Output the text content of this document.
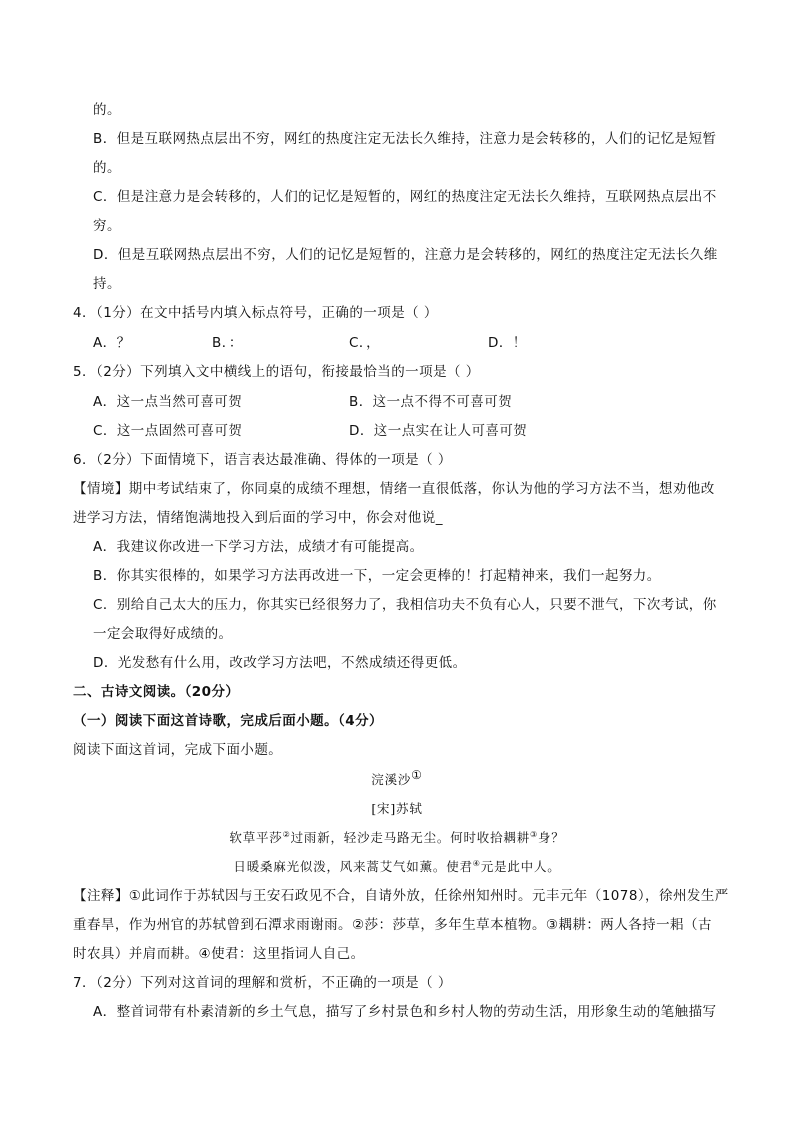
的。
B．但是互联网热点层出不穷，网红的热度注定无法长久维持，注意力是会转移的，人们的记忆是短暂
的。
C．但是注意力是会转移的，人们的记忆是短暂的，网红的热度注定无法长久维持，互联网热点层出不
穷。
D．但是互联网热点层出不穷，人们的记忆是短暂的，注意力是会转移的，网红的热度注定无法长久维
持。
4．（1分）在文中括号内填入标点符号，正确的一项是（ ）
A．？	B．：	C．，	D．！
5．（2分）下列填入文中横线上的语句，衔接最恰当的一项是（ ）
A．这一点当然可喜可贺	B．这一点不得不可喜可贺
C．这一点固然可喜可贺	D．这一点实在让人可喜可贺
6．（2分）下面情境下，语言表达最准确、得体的一项是（ ）
【情境】期中考试结束了，你同桌的成绩不理想，情绪一直很低落，你认为他的学习方法不当，想劝他改
进学习方法，情绪饱满地投入到后面的学习中，你会对他说_
A．我建议你改进一下学习方法，成绩才有可能提高。
B．你其实很棒的，如果学习方法再改进一下，一定会更棒的！打起精神来，我们一起努力。
C．别给自己太大的压力，你其实已经很努力了，我相信功夫不负有心人，只要不泄气，下次考试，你
一定会取得好成绩的。
D．光发愁有什么用，改改学习方法吧，不然成绩还得更低。
二、古诗文阅读。（20分）
（一）阅读下面这首诗歌，完成后面小题。（4分）
阅读下面这首词，完成下面小题。
浣溪沙①
[宋]苏轼
软草平莎②过雨新，轻沙走马路无尘。何时收拾耦耕③身？
日暖桑麻光似泼，风来蒿艾气如薰。使君④元是此中人。
【注释】①此词作于苏轼因与王安石政见不合，自请外放，任徐州知州时。元丰元年（1078），徐州发生严
重春旱，作为州官的苏轼曾到石潭求雨谢雨。②莎：莎草，多年生草本植物。③耦耕：两人各持一耜（古
时农具）并肩而耕。④使君：这里指词人自己。
7．（2分）下列对这首词的理解和赏析，不正确的一项是（ ）
A．整首词带有朴素清新的乡土气息，描写了乡村景色和乡村人物的劳动生活，用形象生动的笔触描写
